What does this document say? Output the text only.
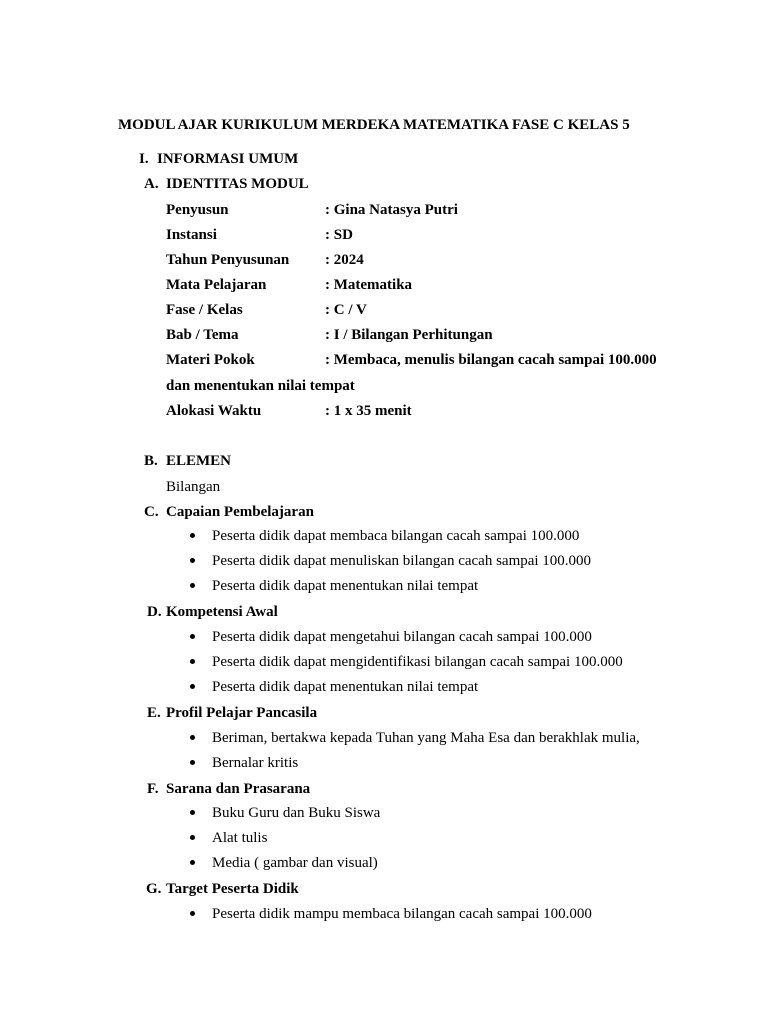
MODUL AJAR KURIKULUM MERDEKA MATEMATIKA FASE C KELAS 5
I. INFORMASI UMUM
A. IDENTITAS MODUL
Penyusun	: Gina Natasya Putri
Instansi	: SD
Tahun Penyusunan : 2024
Mata Pelajaran	: Matematika
Fase / Kelas	: C / V
Bab / Tema	: I / Bilangan Perhitungan
Materi Pokok	: Membaca, menulis bilangan cacah sampai 100.000
dan menentukan nilai tempat
Alokasi Waktu	: 1 x 35 menit
B. ELEMEN
Bilangan
C. Capaian Pembelajaran
Peserta didik dapat membaca bilangan cacah sampai 100.000
Peserta didik dapat menuliskan bilangan cacah sampai 100.000
Peserta didik dapat menentukan nilai tempat
D. Kompetensi Awal
Peserta didik dapat mengetahui bilangan cacah sampai 100.000
Peserta didik dapat mengidentifikasi bilangan cacah sampai 100.000
Peserta didik dapat menentukan nilai tempat
E. Profil Pelajar Pancasila
Beriman, bertakwa kepada Tuhan yang Maha Esa dan berakhlak mulia,
Bernalar kritis
F. Sarana dan Prasarana
Buku Guru dan Buku Siswa
Alat tulis
Media ( gambar dan visual)
G. Target Peserta Didik
Peserta didik mampu membaca bilangan cacah sampai 100.000
